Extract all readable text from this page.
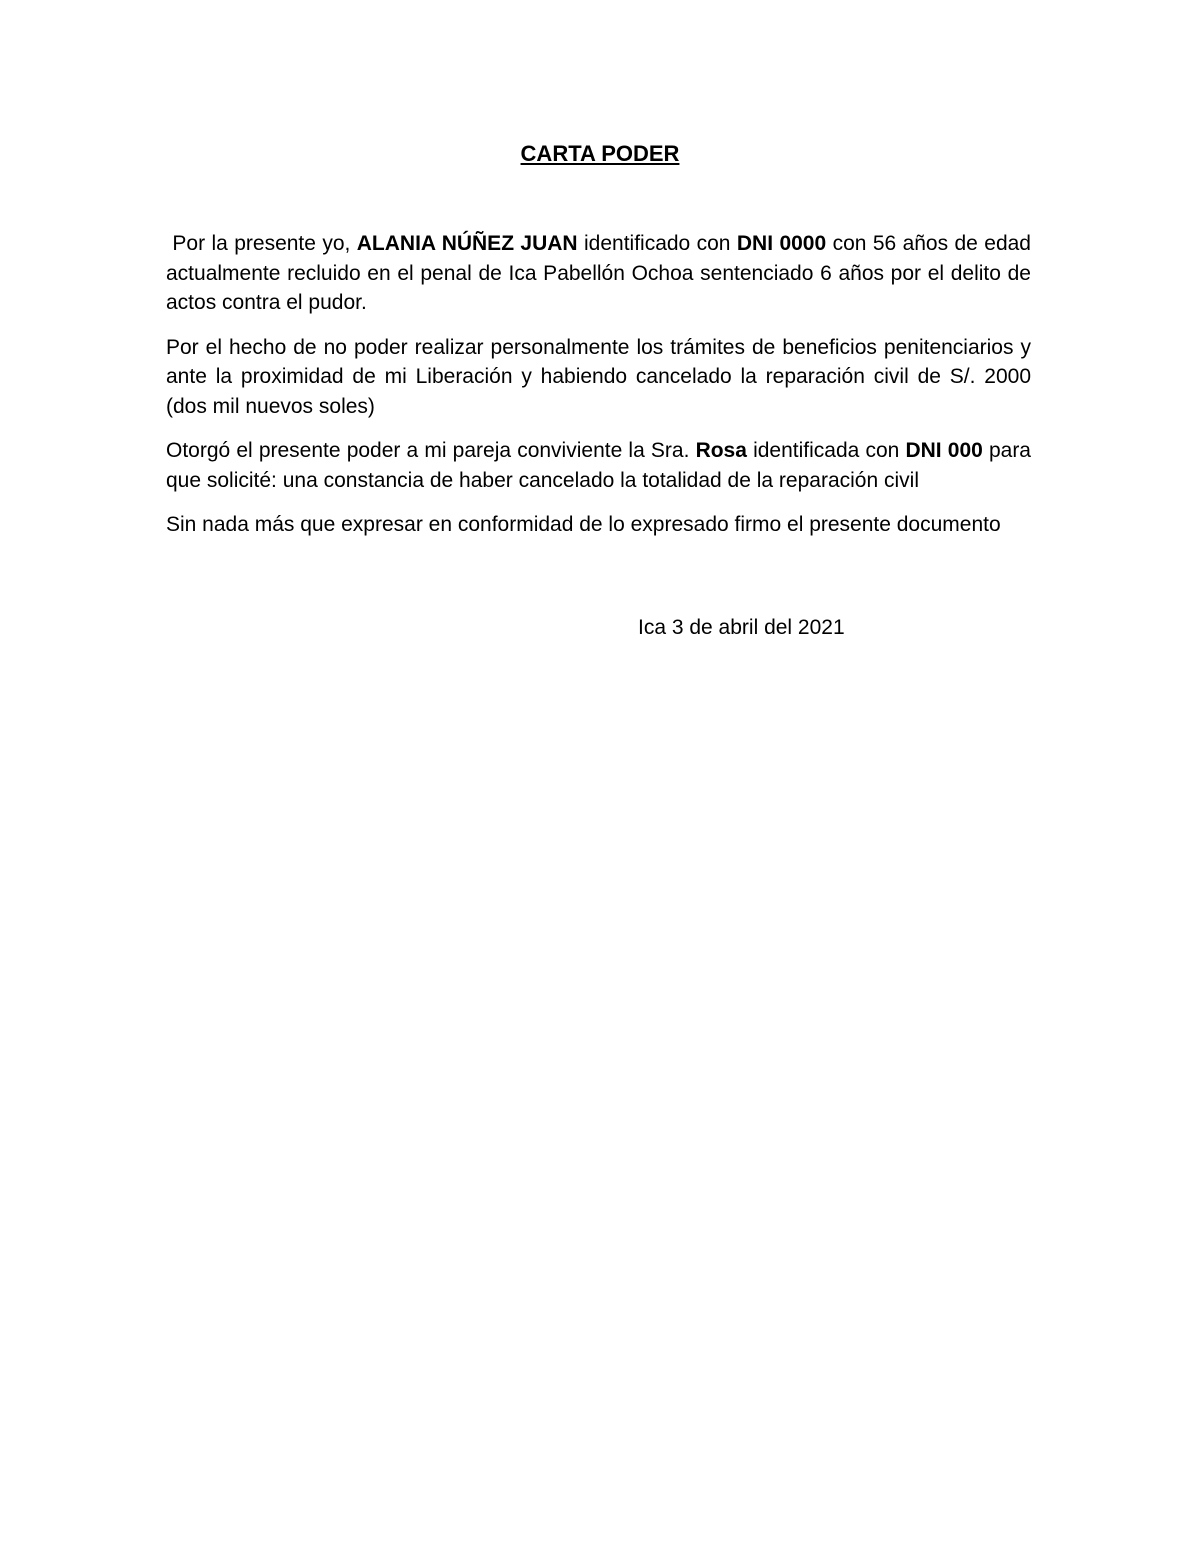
CARTA PODER

Por la presente yo, ALANIA NÚÑEZ JUAN identificado con DNI 0000 con 56 años de edad actualmente recluido en el penal de Ica Pabellón Ochoa sentenciado 6 años por el delito de actos contra el pudor.

Por el hecho de no poder realizar personalmente los trámites de beneficios penitenciarios y ante la proximidad de mi Liberación y habiendo cancelado la reparación civil de S/. 2000 (dos mil nuevos soles)

Otorgó el presente poder a mi pareja conviviente la Sra. Rosa identificada con DNI 000 para que solicité: una constancia de haber cancelado la totalidad de la reparación civil

Sin nada más que expresar en conformidad de lo expresado firmo el presente documento

Ica 3 de abril del 2021
